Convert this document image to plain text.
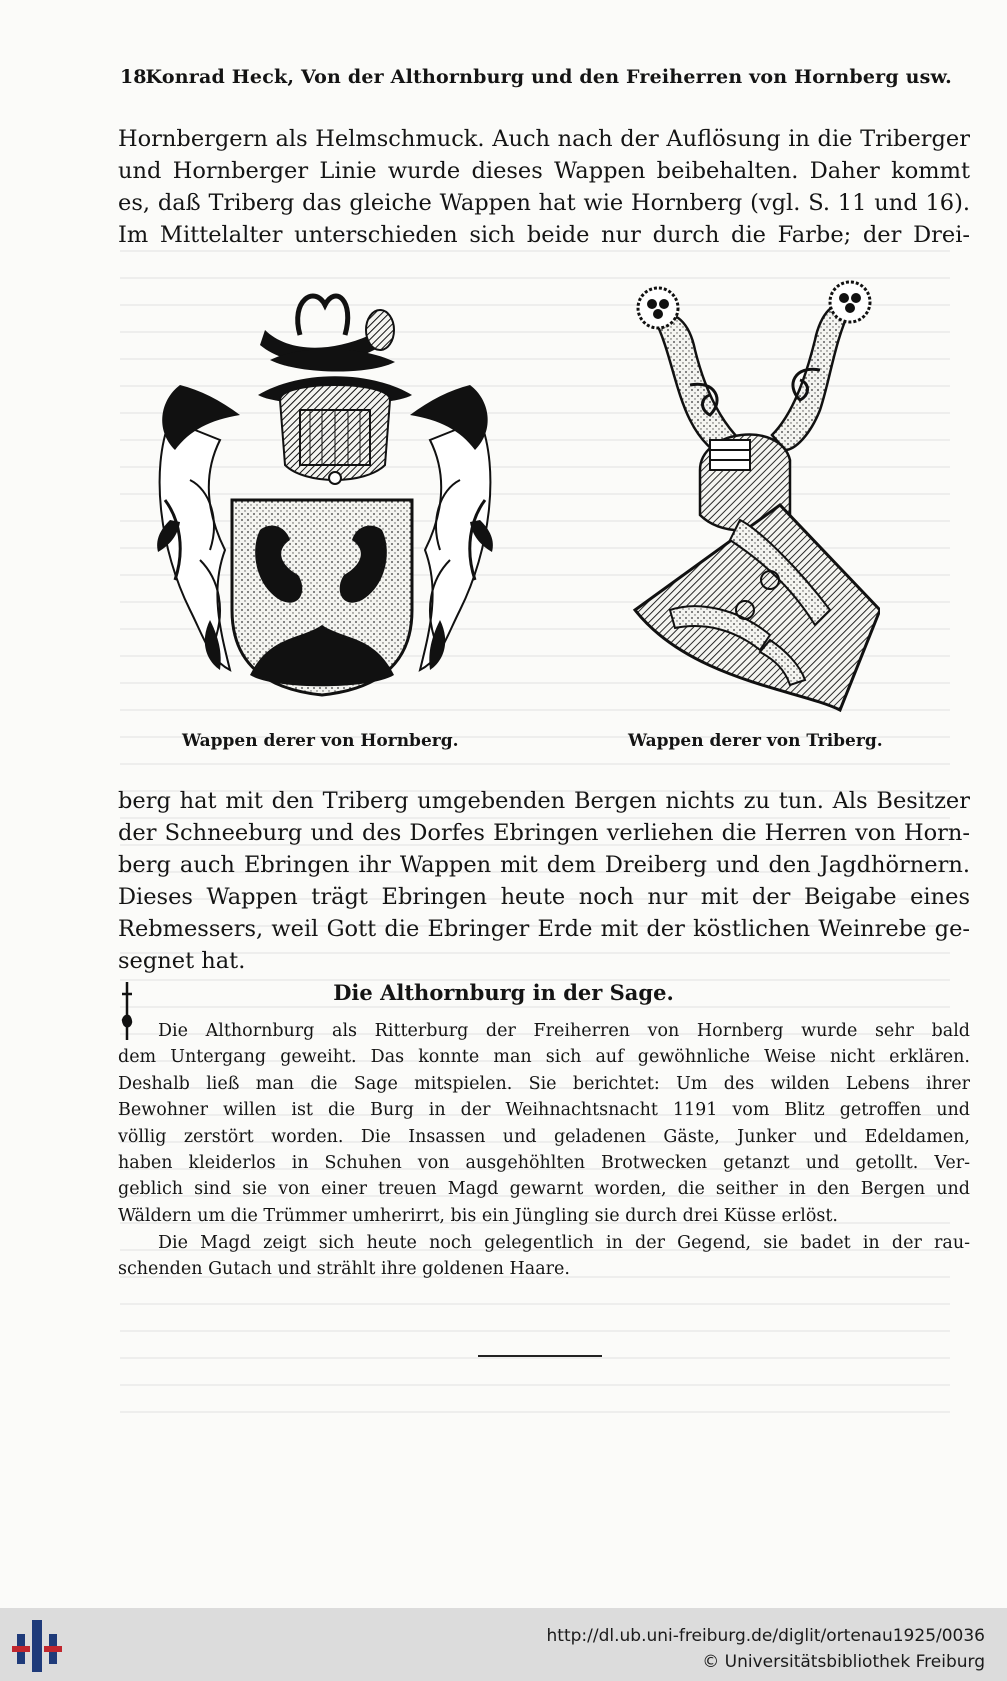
18 Konrad Heck, Von der Althornburg und den Freiherren von Hornberg usw.
Hornbergern als Helmschmuck. Auch nach der Auflösung in die Triberger
und Hornberger Linie wurde dieses Wappen beibehalten. Daher kommt
es, daß Triberg das gleiche Wappen hat wie Hornberg (vgl. S. 11 und 16).
Im Mittelalter unterschieden sich beide nur durch die Farbe; der Drei-
Wappen derer von Hornberg.	Wappen derer von Triberg.
berg hat mit den Triberg umgebenden Bergen nichts zu tun. Als Besitzer
der Schneeburg und des Dorfes Ebringen verliehen die Herren von Horn-
berg auch Ebringen ihr Wappen mit dem Dreiberg und den Jagdhörnern.
Dieses Wappen trägt Ebringen heute noch nur mit der Beigabe eines
Rebmessers, weil Gott die Ebringer Erde mit der köstlichen Weinrebe ge-
segnet hat.
Die Althornburg in der Sage.
Die Althornburg als Ritterburg der Freiherren von Hornberg wurde sehr bald
dem Untergang geweiht. Das konnte man sich auf gewöhnliche Weise nicht erklären.
Deshalb ließ man die Sage mitspielen. Sie berichtet: Um des wilden Lebens ihrer
Bewohner willen ist die Burg in der Weihnachtsnacht 1191 vom Blitz getroffen und
völlig zerstört worden. Die Insassen und geladenen Gäste, Junker und Edeldamen,
haben kleiderlos in Schuhen von ausgehöhlten Brotwecken getanzt und getollt. Ver-
geblich sind sie von einer treuen Magd gewarnt worden, die seither in den Bergen und
Wäldern um die Trümmer umherirrt, bis ein Jüngling sie durch drei Küsse erlöst.
Die Magd zeigt sich heute noch gelegentlich in der Gegend, sie badet in der rau-
schenden Gutach und strählt ihre goldenen Haare.
http://dl.ub.uni-freiburg.de/diglit/ortenau1925/0036
© Universitätsbibliothek Freiburg
